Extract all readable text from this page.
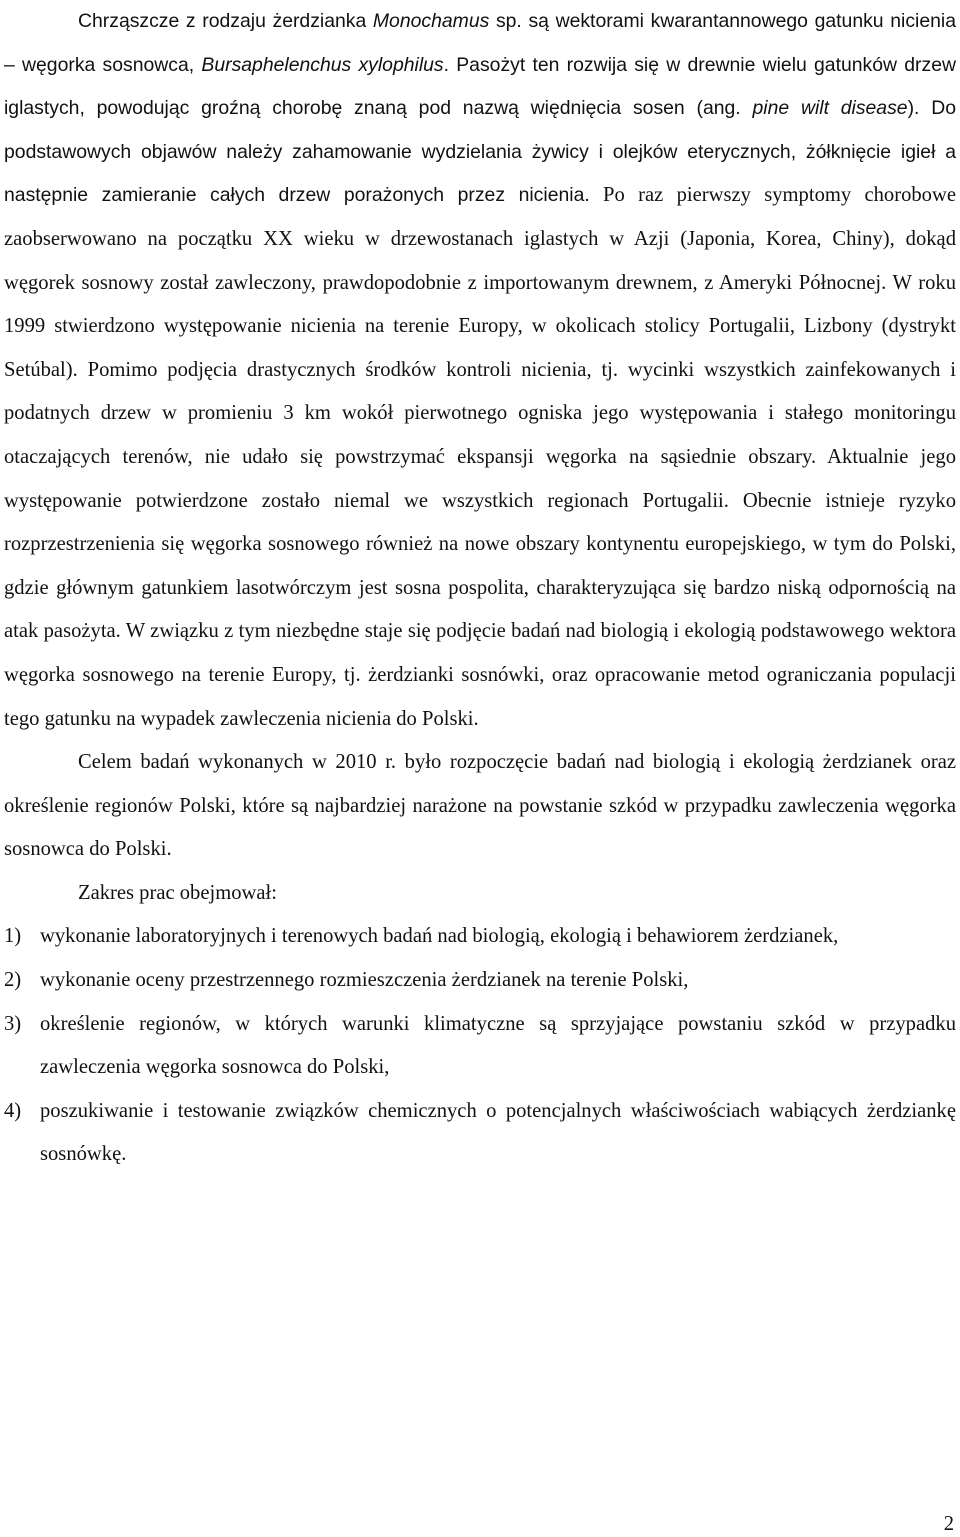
Chrząszcze z rodzaju żerdzianka Monochamus sp. są wektorami kwarantannowego gatunku nicienia – węgorka sosnowca, Bursaphelenchus xylophilus. Pasożyt ten rozwija się w drewnie wielu gatunków drzew iglastych, powodując groźną chorobę znaną pod nazwą więdnięcia sosen (ang. pine wilt disease). Do podstawowych objawów należy zahamowanie wydzielania żywicy i olejków eterycznych, żółknięcie igieł a następnie zamieranie całych drzew porażonych przez nicienia. Po raz pierwszy symptomy chorobowe zaobserwowano na początku XX wieku w drzewostanach iglastych w Azji (Japonia, Korea, Chiny), dokąd węgorek sosnowy został zawleczony, prawdopodobnie z importowanym drewnem, z Ameryki Północnej. W roku 1999 stwierdzono występowanie nicienia na terenie Europy, w okolicach stolicy Portugalii, Lizbony (dystrykt Setúbal). Pomimo podjęcia drastycznych środków kontroli nicienia, tj. wycinki wszystkich zainfekowanych i podatnych drzew w promieniu 3 km wokół pierwotnego ogniska jego występowania i stałego monitoringu otaczających terenów, nie udało się powstrzymać ekspansji węgorka na sąsiednie obszary. Aktualnie jego występowanie potwierdzone zostało niemal we wszystkich regionach Portugalii. Obecnie istnieje ryzyko rozprzestrzenienia się węgorka sosnowego również na nowe obszary kontynentu europejskiego, w tym do Polski, gdzie głównym gatunkiem lasotwórczym jest sosna pospolita, charakteryzująca się bardzo niską odpornością na atak pasożyta. W związku z tym niezbędne staje się podjęcie badań nad biologią i ekologią podstawowego wektora węgorka sosnowego na terenie Europy, tj. żerdzianki sosnówki, oraz opracowanie metod ograniczania populacji tego gatunku na wypadek zawleczenia nicienia do Polski.

Celem badań wykonanych w 2010 r. było rozpoczęcie badań nad biologią i ekologią żerdzianek oraz określenie regionów Polski, które są najbardziej narażone na powstanie szkód w przypadku zawleczenia węgorka sosnowca do Polski.

Zakres prac obejmował:

1) wykonanie laboratoryjnych i terenowych badań nad biologią, ekologią i behawiorem żerdzianek,
2) wykonanie oceny przestrzennego rozmieszczenia żerdzianek na terenie Polski,
3) określenie regionów, w których warunki klimatyczne są sprzyjające powstaniu szkód w przypadku zawleczenia węgorka sosnowca do Polski,
4) poszukiwanie i testowanie związków chemicznych o potencjalnych właściwościach wabiących żerdziankę sosnówkę.
2
